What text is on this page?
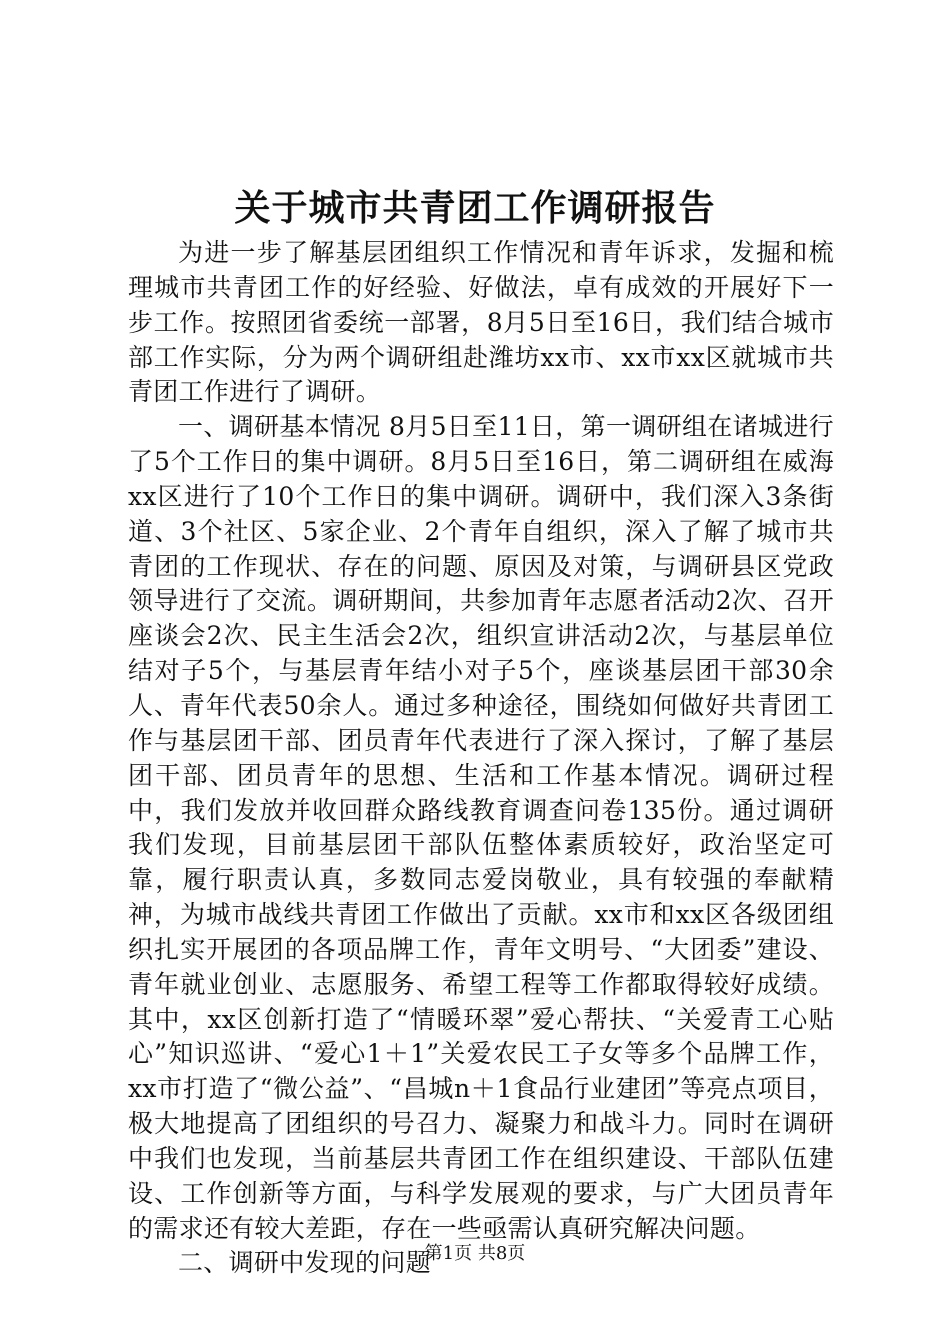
关于城市共青团工作调研报告

为进一步了解基层团组织工作情况和青年诉求，发掘和梳理城市共青团工作的好经验、好做法，卓有成效的开展好下一步工作。按照团省委统一部署，8月5日至16日，我们结合城市部工作实际，分为两个调研组赴潍坊xx市、xx市xx区就城市共青团工作进行了调研。

一、调研基本情况 8月5日至11日，第一调研组在诸城进行了5个工作日的集中调研。8月5日至16日，第二调研组在威海xx区进行了10个工作日的集中调研。调研中，我们深入3条街道、3个社区、5家企业、2个青年自组织，深入了解了城市共青团的工作现状、存在的问题、原因及对策，与调研县区党政领导进行了交流。调研期间，共参加青年志愿者活动2次、召开座谈会2次、民主生活会2次，组织宣讲活动2次，与基层单位结对子5个，与基层青年结小对子5个，座谈基层团干部30余人、青年代表50余人。通过多种途径，围绕如何做好共青团工作与基层团干部、团员青年代表进行了深入探讨，了解了基层团干部、团员青年的思想、生活和工作基本情况。调研过程中，我们发放并收回群众路线教育调查问卷135份。通过调研我们发现，目前基层团干部队伍整体素质较好，政治坚定可靠，履行职责认真，多数同志爱岗敬业，具有较强的奉献精神，为城市战线共青团工作做出了贡献。xx市和xx区各级团组织扎实开展团的各项品牌工作，青年文明号、“大团委”建设、青年就业创业、志愿服务、希望工程等工作都取得较好成绩。其中，xx区创新打造了“情暖环翠”爱心帮扶、“关爱青工心贴心”知识巡讲、“爱心1＋1”关爱农民工子女等多个品牌工作，xx市打造了“微公益”、“昌城n＋1食品行业建团”等亮点项目，极大地提高了团组织的号召力、凝聚力和战斗力。同时在调研中我们也发现，当前基层共青团工作在组织建设、干部队伍建设、工作创新等方面，与科学发展观的要求，与广大团员青年的需求还有较大差距，存在一些亟需认真研究解决问题。

二、调研中发现的问题

第1页 共8页
